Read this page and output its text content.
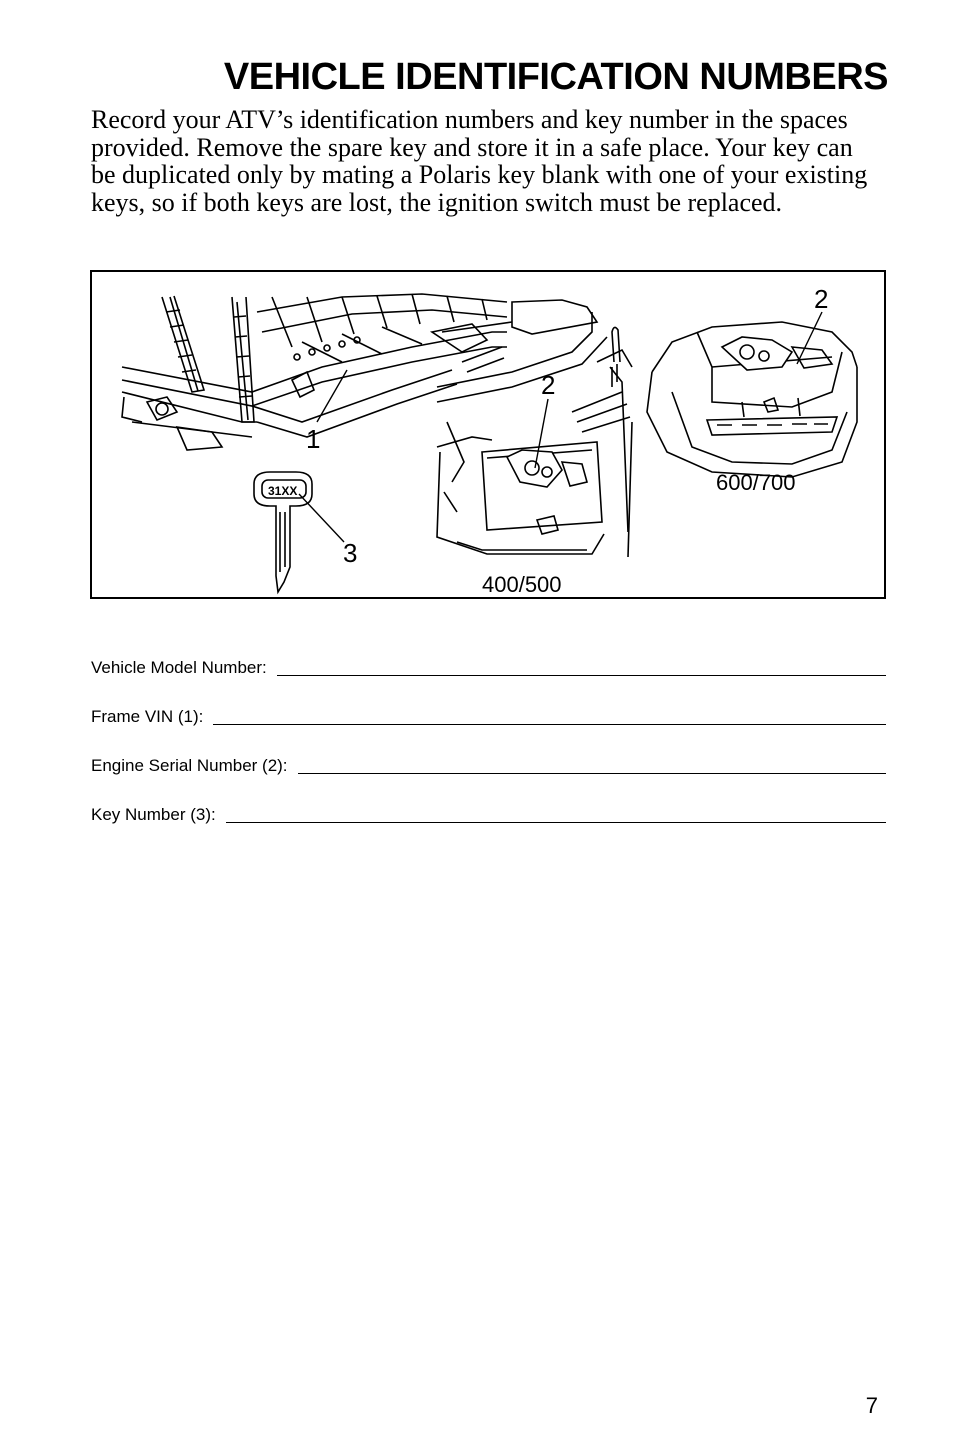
VEHICLE IDENTIFICATION NUMBERS

Record your ATV’s identification numbers and key number in the spaces provided. Remove the spare key and store it in a safe place. Your key can be duplicated only by mating a Polaris key blank with one of your existing keys, so if both keys are lost, the ignition switch must be replaced.

31XX
1
3
2
2
400/500
600/700
Vehicle Model Number:
Frame VIN (1):
Engine Serial Number (2):
Key Number (3):
7
